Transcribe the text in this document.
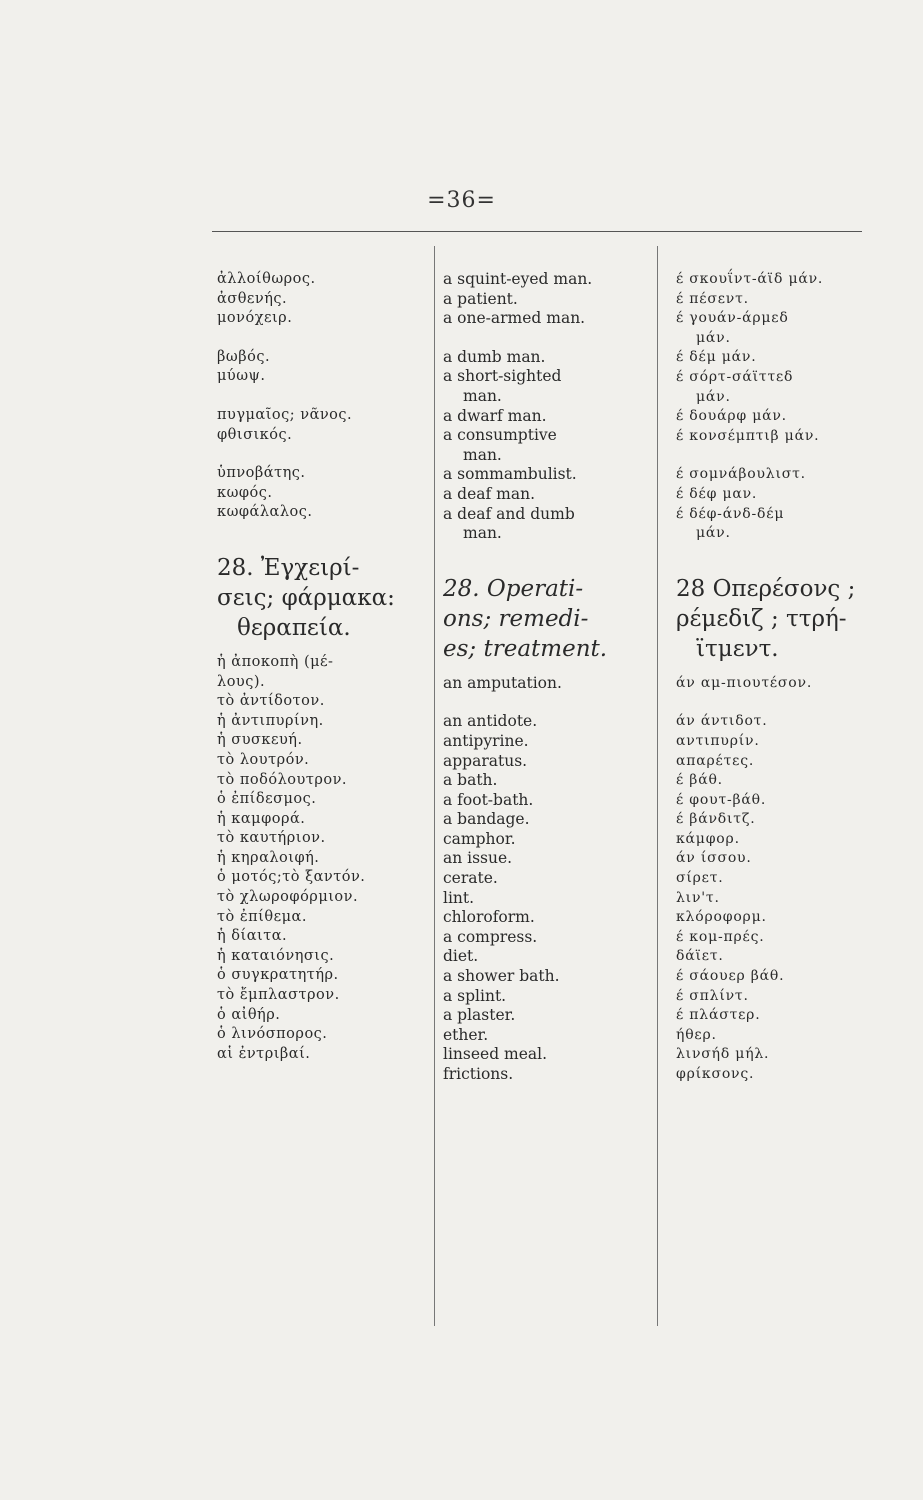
=36=
ἀλλοίθωρος.
ἀσθενής.
μονόχειρ.
βωβός.
μύωψ.
πυγμαῖος; νᾶνος.
φθισικός.
ὑπνοβάτης.
κωφός.
κωφάλαλος.
28. Ἐγχειρί-
σεις; φάρμακα:
θεραπεία.
ἡ ἀποκοπὴ (μέ-
λους).
τὸ ἀντίδοτον.
ἡ ἀντιπυρίνη.
ἡ συσκευή.
τὸ λουτρόν.
τὸ ποδόλουτρον.
ὁ ἐπίδεσμος.
ἡ καμφορά.
τὸ καυτήριον.
ἡ κηραλοιφή.
ὁ μοτός;τὸ ξαντόν.
τὸ χλωροφόρμιον.
τὸ ἐπίθεμα.
ἡ δίαιτα.
ἡ καταιόνησις.
ὁ συγκρατητήρ.
τὸ ἔμπλαστρον.
ὁ αἰθήρ.
ὁ λινόσπορος.
αἱ ἐντριβαί.
a squint-eyed man.
a patient.
a one-armed man.
a dumb man.
a short-sighted
man.
a dwarf man.
a consumptive
man.
a sommambulist.
a deaf man.
a deaf and dumb
man.
28. Operati-
ons; remedi-
es; treatment.
an amputation.
an antidote.
antipyrine.
apparatus.
a bath.
a foot-bath.
a bandage.
camphor.
an issue.
cerate.
lint.
chloroform.
a compress.
diet.
a shower bath.
a splint.
a plaster.
ether.
linseed meal.
frictions.
έ σκουΐντ-άϊδ μάν.
έ πέσεντ.
έ γουάν-άρμεδ
μάν.
έ δέμ μάν.
έ σόρτ-σάϊττεδ
μάν.
έ δουάρφ μάν.
έ κονσέμπτιβ μάν.
έ σομνάβουλιστ.
έ δέφ μαν.
έ δέφ-άνδ-δέμ
μάν.
28 Οπερέσονς ;
ρέμεδιζ ; ττρή-
ϊτμεντ.
άν αμ-πιουτέσον.
άν άντιδοτ.
αντιπυρίν.
απαρέτες.
έ βάθ.
έ φουτ-βάθ.
έ βάνδιτζ.
κάμφορ.
άν ίσσου.
σίρετ.
λιν'τ.
κλόροφορμ.
έ κομ-πρές.
δάϊετ.
έ σάουερ βάθ.
έ σπλίντ.
έ πλάστερ.
ήθερ.
λινσήδ μήλ.
φρίκσονς.
